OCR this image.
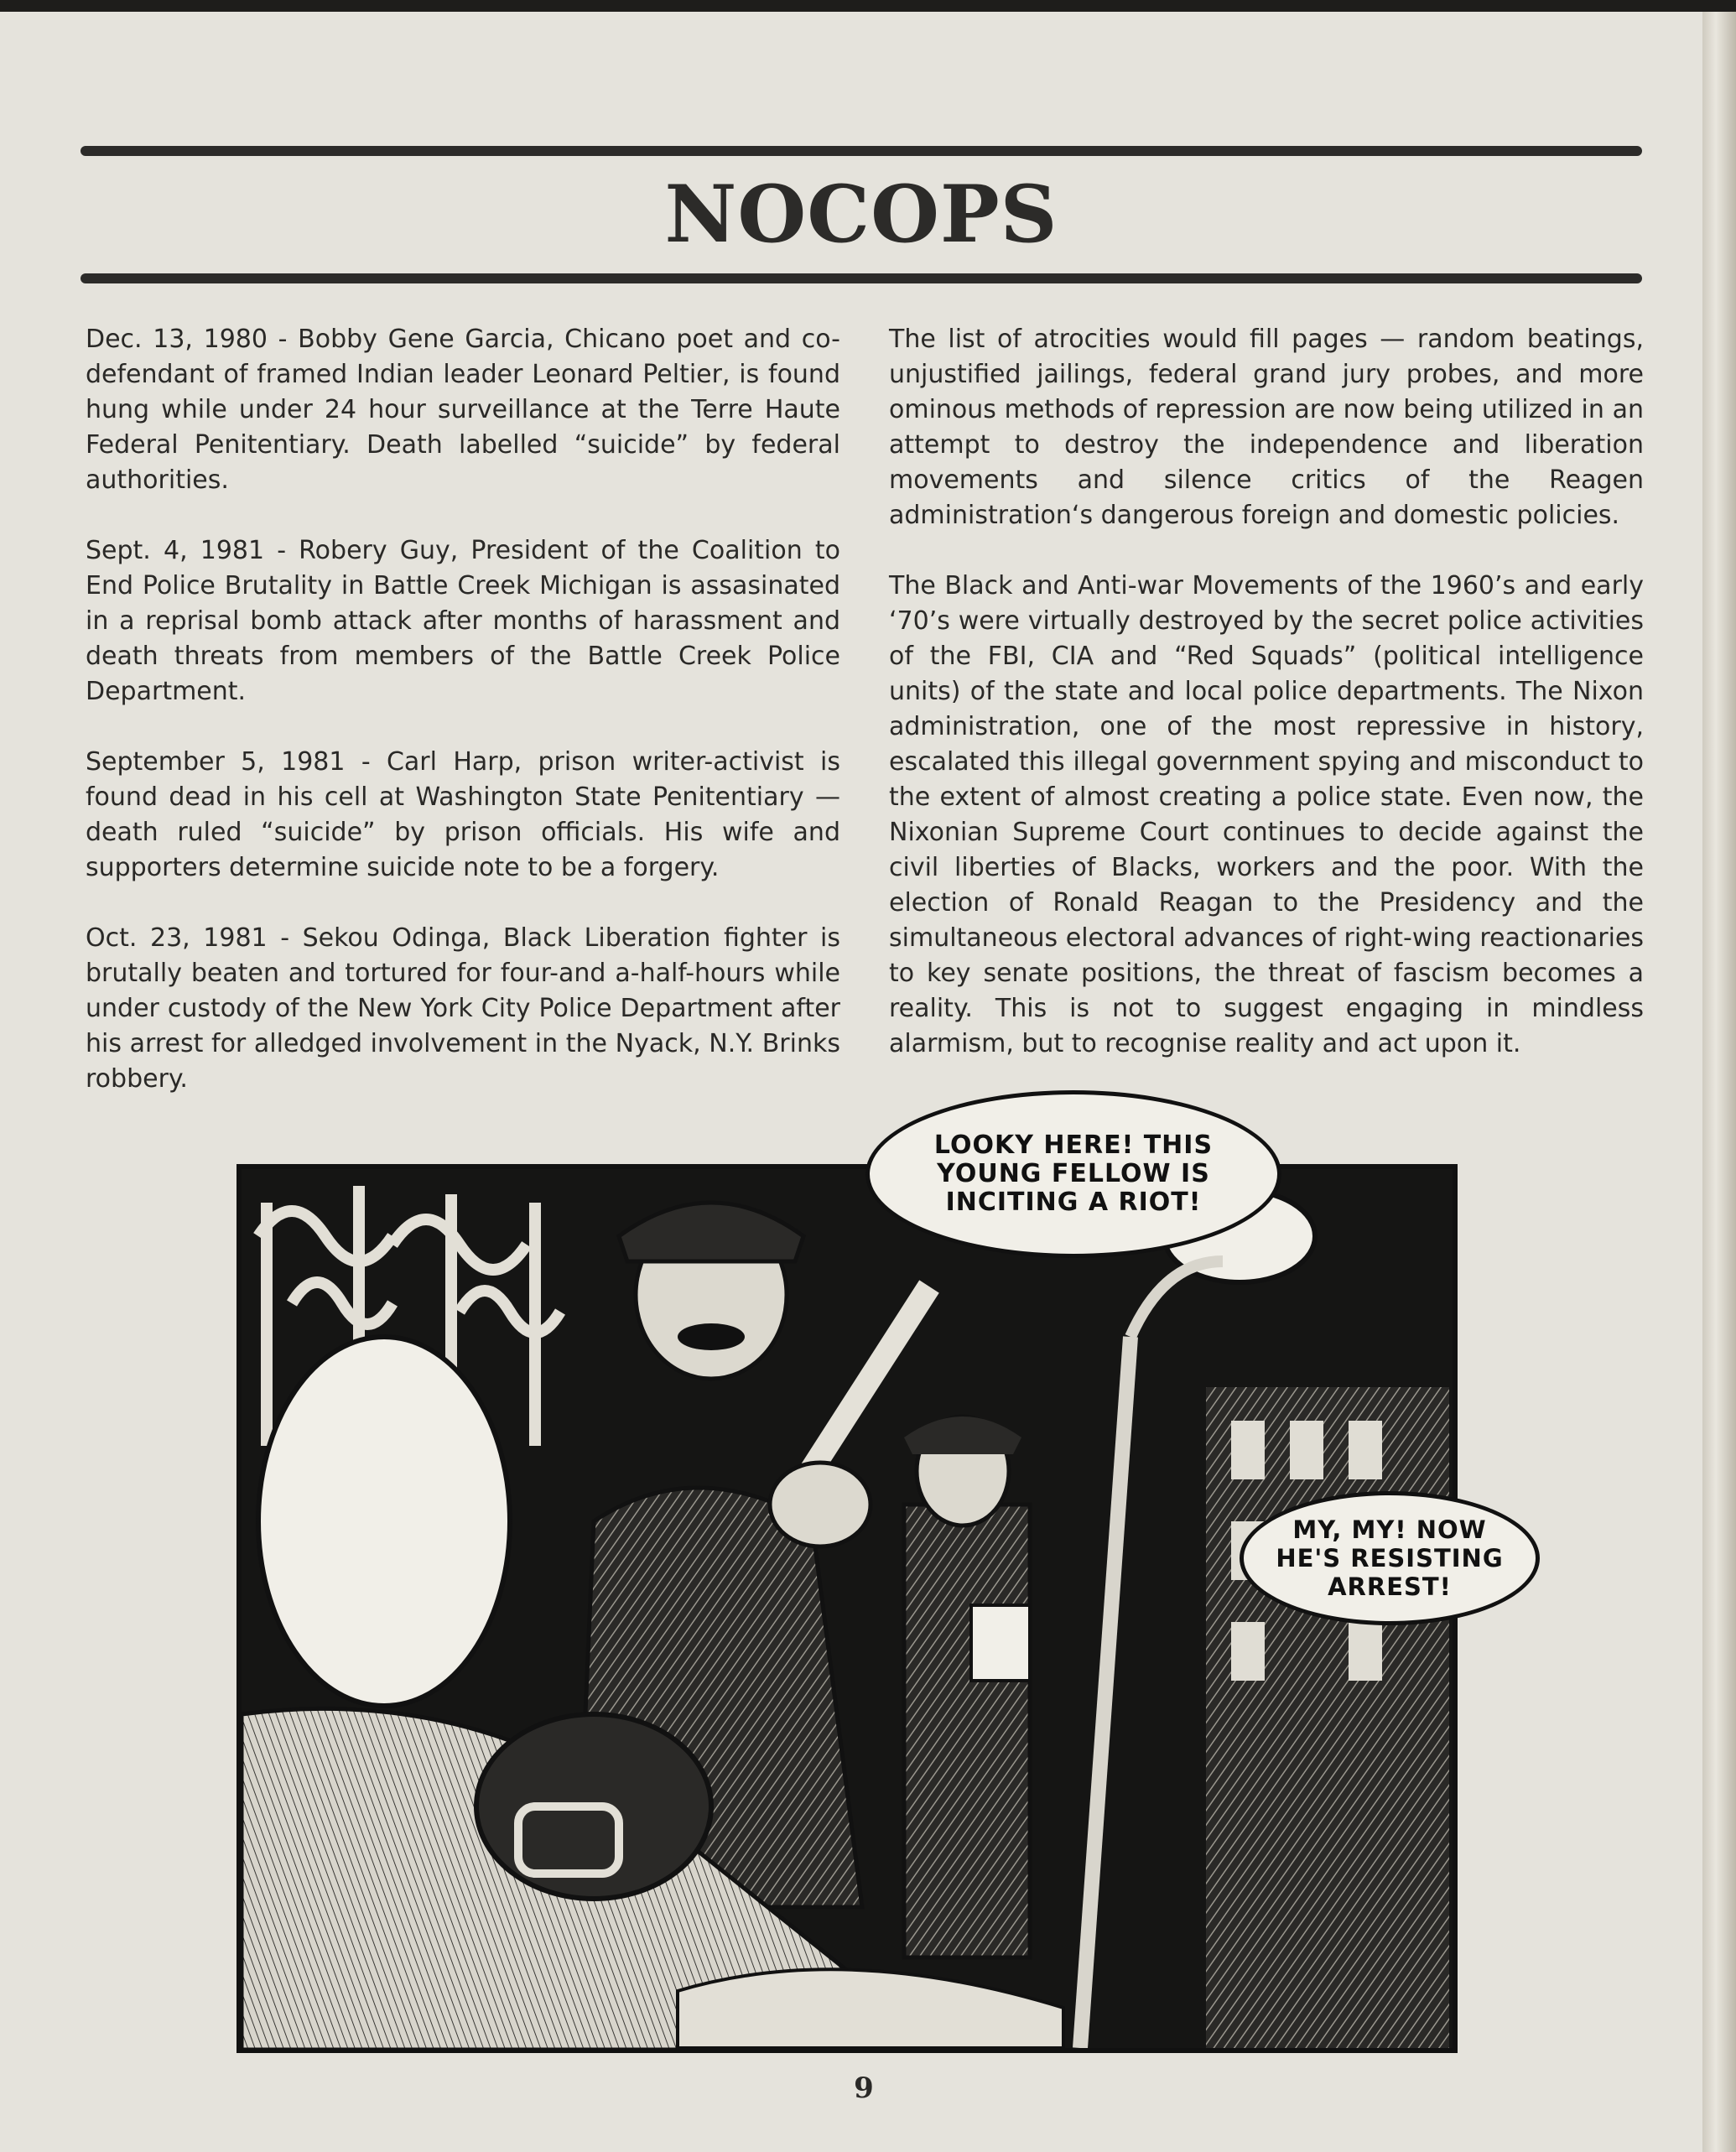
NOCOPS

Dec. 13, 1980 - Bobby Gene Garcia, Chicano poet and co-defendant of framed Indian leader Leonard Peltier, is found hung while under 24 hour surveillance at the Terre Haute Federal Penitentiary. Death labelled “suicide” by federal authorities.

Sept. 4, 1981 - Robery Guy, President of the Coalition to End Police Brutality in Battle Creek Michigan is assasinated in a reprisal bomb attack after months of harassment and death threats from members of the Battle Creek Police Department.

September 5, 1981 - Carl Harp, prison writer-activist is found dead in his cell at Washington State Penitentiary — death ruled “suicide” by prison officials. His wife and supporters determine suicide note to be a forgery.

Oct. 23, 1981 - Sekou Odinga, Black Liberation fighter is brutally beaten and tortured for four-and a-half-hours while under custody of the New York City Police Department after his arrest for alledged involvement in the Nyack, N.Y. Brinks robbery.

The list of atrocities would fill pages — random beatings, unjustified jailings, federal grand jury probes, and more ominous methods of repression are now being utilized in an attempt to destroy the independence and liberation movements and silence critics of the Reagen administration‘s dangerous foreign and domestic policies.

The Black and Anti-war Movements of the 1960’s and early ‘70’s were virtually destroyed by the secret police activities of the FBI, CIA and “Red Squads” (political intelligence units) of the state and local police departments. The Nixon administration, one of the most repressive in history, escalated this illegal government spying and misconduct to the extent of almost creating a police state. Even now, the Nixonian Supreme Court continues to decide against the civil liberties of Blacks, workers and the poor. With the election of Ronald Reagan to the Presidency and the simultaneous electoral advances of right-wing reactionaries to key senate positions, the threat of fascism becomes a reality. This is not to suggest engaging in mindless alarmism, but to recognise reality and act upon it.

LOOKY HERE! THIS YOUNG FELLOW IS INCITING A RIOT!
MY, MY! NOW HE'S RESISTING ARREST!
9
